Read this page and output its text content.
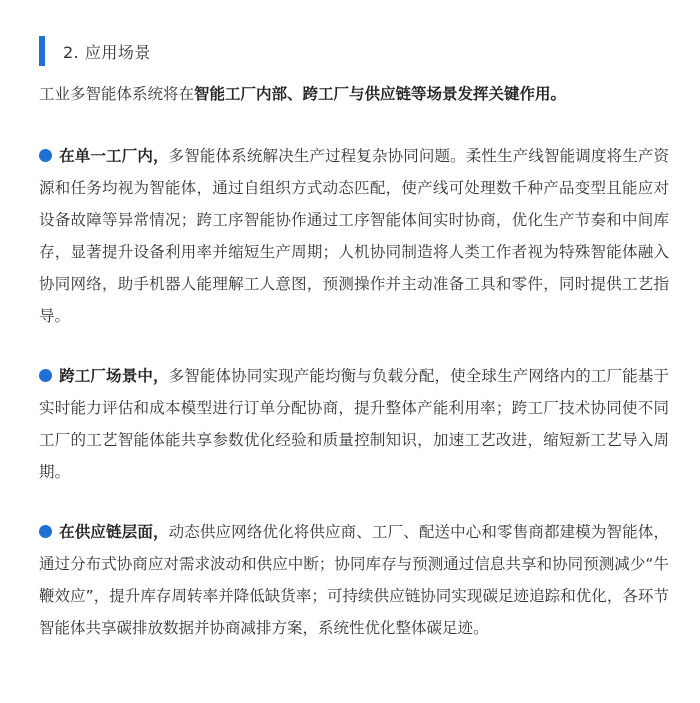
2. 应用场景
工业多智能体系统将在智能工厂内部、跨工厂与供应链等场景发挥关键作用。
在单一工厂内，多智能体系统解决生产过程复杂协同问题。柔性生产线智能调度将生产资源和任务均视为智能体，通过自组织方式动态匹配，使产线可处理数千种产品变型且能应对设备故障等异常情况；跨工序智能协作通过工序智能体间实时协商，优化生产节奏和中间库存，显著提升设备利用率并缩短生产周期；人机协同制造将人类工作者视为特殊智能体融入协同网络，助手机器人能理解工人意图，预测操作并主动准备工具和零件，同时提供工艺指导。
跨工厂场景中，多智能体协同实现产能均衡与负载分配，使全球生产网络内的工厂能基于实时能力评估和成本模型进行订单分配协商，提升整体产能利用率；跨工厂技术协同使不同工厂的工艺智能体能共享参数优化经验和质量控制知识，加速工艺改进，缩短新工艺导入周期。
在供应链层面，动态供应网络优化将供应商、工厂、配送中心和零售商都建模为智能体，通过分布式协商应对需求波动和供应中断；协同库存与预测通过信息共享和协同预测减少“牛鞭效应”，提升库存周转率并降低缺货率；可持续供应链协同实现碳足迹追踪和优化，各环节智能体共享碳排放数据并协商减排方案，系统性优化整体碳足迹。
